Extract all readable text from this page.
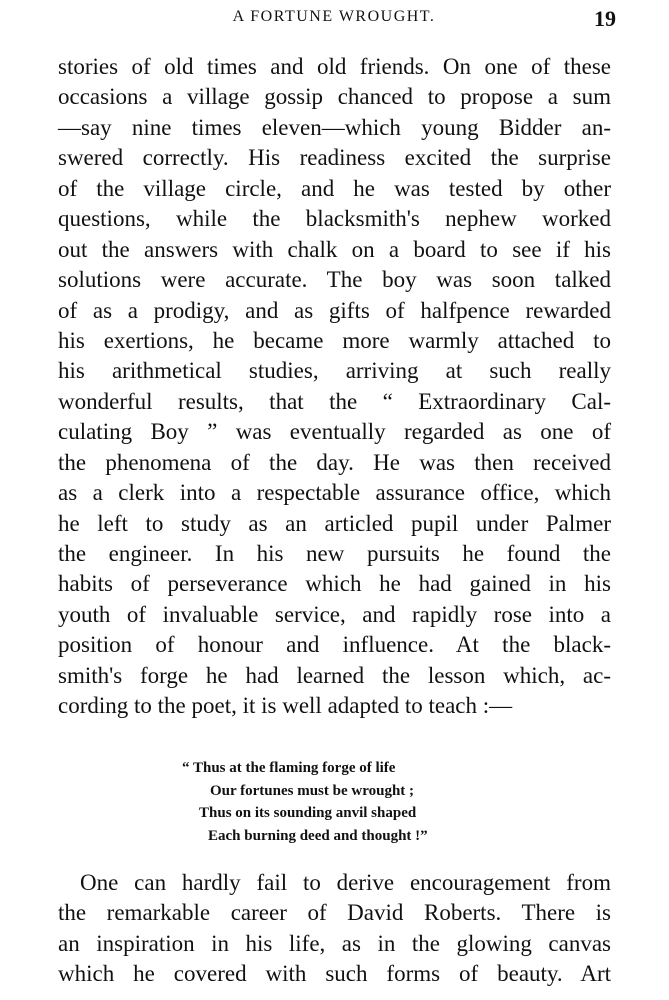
A FORTUNE WROUGHT.	19
stories of old times and old friends. On one of these
occasions a village gossip chanced to propose a sum
—say nine times eleven—which young Bidder an-
swered correctly. His readiness excited the surprise
of the village circle, and he was tested by other
questions, while the blacksmith's nephew worked
out the answers with chalk on a board to see if his
solutions were accurate. The boy was soon talked
of as a prodigy, and as gifts of halfpence rewarded
his exertions, he became more warmly attached to
his arithmetical studies, arriving at such really
wonderful results, that the “ Extraordinary Cal-
culating Boy ” was eventually regarded as one of
the phenomena of the day. He was then received
as a clerk into a respectable assurance office, which
he left to study as an articled pupil under Palmer
the engineer. In his new pursuits he found the
habits of perseverance which he had gained in his
youth of invaluable service, and rapidly rose into a
position of honour and influence. At the black-
smith's forge he had learned the lesson which, ac-
cording to the poet, it is well adapted to teach :—
“ Thus at the flaming forge of life
Our fortunes must be wrought ;
Thus on its sounding anvil shaped
Each burning deed and thought !”
One can hardly fail to derive encouragement from
the remarkable career of David Roberts. There is
an inspiration in his life, as in the glowing canvas
which he covered with such forms of beauty. Art
